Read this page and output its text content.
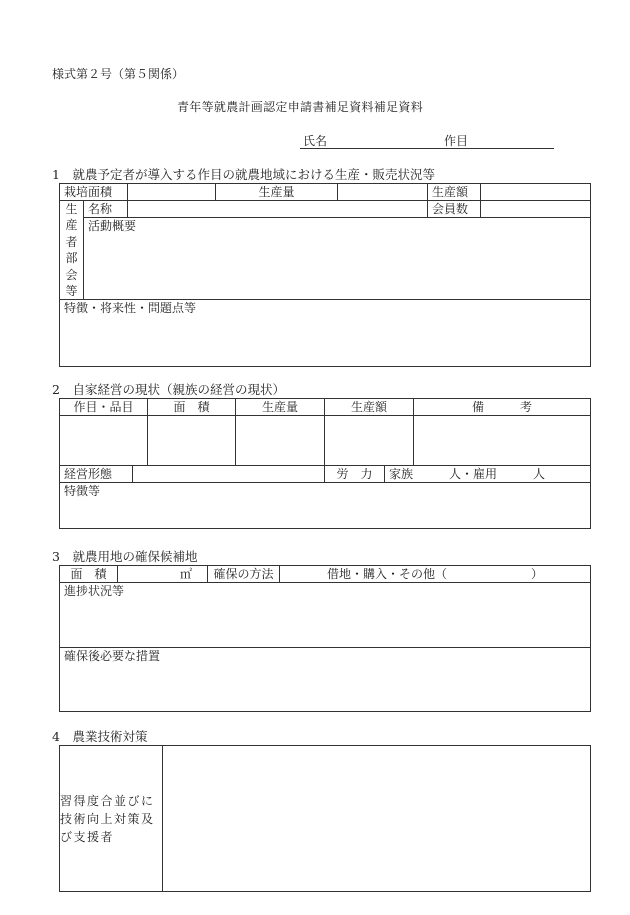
様式第２号（第５関係）
青年等就農計画認定申請書補足資料補足資料
氏名	作目
1　就農予定者が導入する作目の就農地域における生産・販売状況等
栽培面積			生産量		生産額	

生産者部会等	名称				会員数	
	活動概要					
特徴・将来性・問題点等						
2　自家経営の現状（親族の経営の現状）
作目・品目		面　積	生産量	生産額		備　　　考

経営形態				労　力	家族　　　人・雇用　　　人	
特徴等						
3　就農用地の確保候補地
面　積	㎡	確保の方法	借地・購入・その他（　　　　　　　）
進捗状況等
確保後必要な措置
4　農業技術対策
習得度合並びに技術向上対策及び支援者
